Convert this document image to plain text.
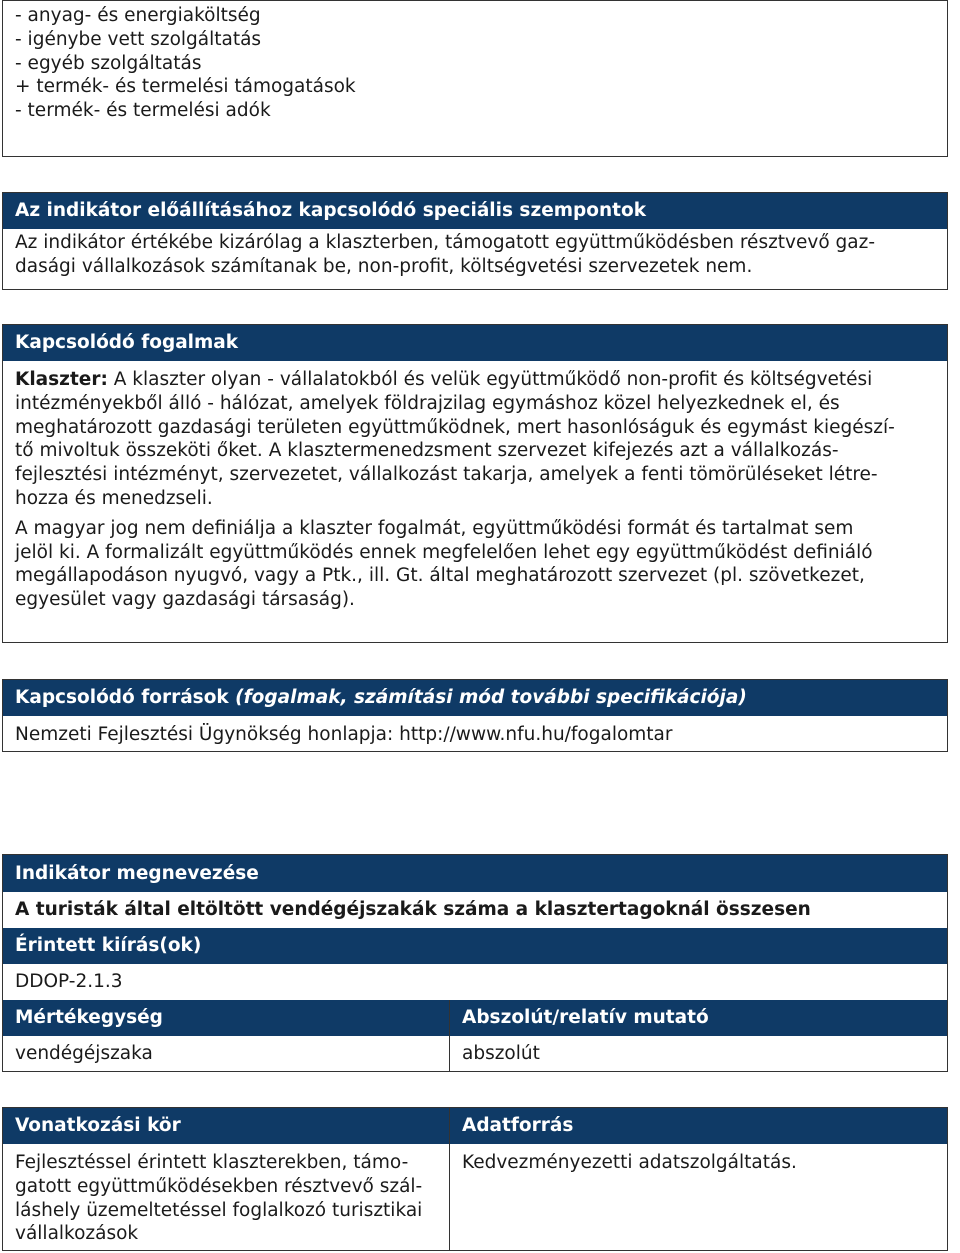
- anyag- és energiaköltség
- igénybe vett szolgáltatás
- egyéb szolgáltatás
+ termék- és termelési támogatások
- termék- és termelési adók
Az indikátor előállításához kapcsolódó speciális szempontok
Az indikátor értékébe kizárólag a klaszterben, támogatott együttműködésben résztvevő gaz-
dasági vállalkozások számítanak be, non-profit, költségvetési szervezetek nem.
Kapcsolódó fogalmak
Klaszter: A klaszter olyan - vállalatokból és velük együttműködő non-profit és költségvetési
intézményekből álló - hálózat, amelyek földrajzilag egymáshoz közel helyezkednek el, és
meghatározott gazdasági területen együttműködnek, mert hasonlóságuk és egymást kiegészí-
tő mivoltuk összeköti őket. A klasztermenedzsment szervezet kifejezés azt a vállalkozás-
fejlesztési intézményt, szervezetet, vállalkozást takarja, amelyek a fenti tömörüléseket létre-
hozza és menedzseli.
A magyar jog nem definiálja a klaszter fogalmát, együttműködési formát és tartalmat sem
jelöl ki. A formalizált együttműködés ennek megfelelően lehet egy együttműködést definiáló
megállapodáson nyugvó, vagy a Ptk., ill. Gt. által meghatározott szervezet (pl. szövetkezet,
egyesület vagy gazdasági társaság).
Kapcsolódó források (fogalmak, számítási mód további specifikációja)
Nemzeti Fejlesztési Ügynökség honlapja: http://www.nfu.hu/fogalomtar
Indikátor megnevezése
A turisták által eltöltött vendégéjszakák száma a klasztertagoknál összesen
Érintett kiírás(ok)
DDOP-2.1.3
Mértékegység
vendégéjszaka
Abszolút/relatív mutató
abszolút
Vonatkozási kör
Fejlesztéssel érintett klaszterekben, támo-
gatott együttműködésekben résztvevő szál-
láshely üzemeltetéssel foglalkozó turisztikai
vállalkozások
Adatforrás
Kedvezményezetti adatszolgáltatás.
